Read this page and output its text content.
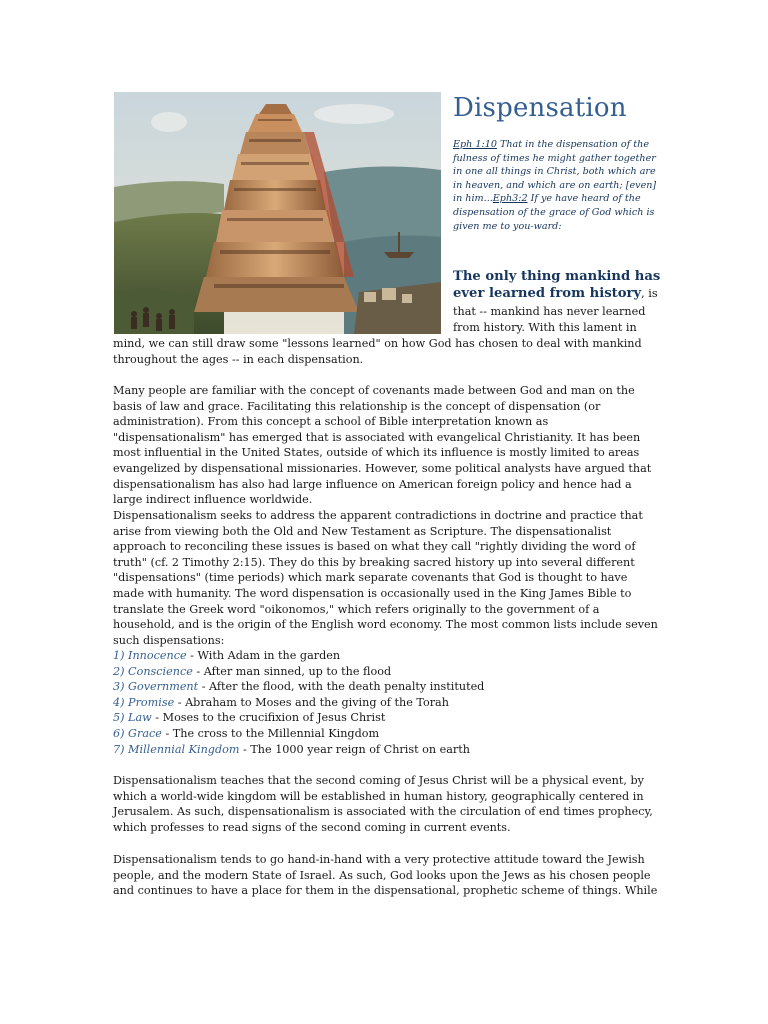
Dispensation
Eph 1:10 That in the dispensation of the fulness of times he might gather together in one all things in Christ, both which are in heaven, and which are on earth; [even] in him...Eph3:2 If ye have heard of the dispensation of the grace of God which is given me to you-ward:
The only thing mankind has ever learned from history, is
that -- mankind has never learned
from history. With this lament in

mind, we can still draw some "lessons learned" on how God has chosen to deal with mankind throughout the ages -- in each dispensation.

Many people are familiar with the concept of covenants made between God and man on the basis of law and grace. Facilitating this relationship is the concept of dispensation (or administration). From this concept a school of Bible interpretation known as "dispensationalism" has emerged that is associated with evangelical Christianity. It has been most influential in the United States, outside of which its influence is mostly limited to areas evangelized by dispensational missionaries. However, some political analysts have argued that dispensationalism has also had large influence on American foreign policy and hence had a large indirect influence worldwide.

Dispensationalism seeks to address the apparent contradictions in doctrine and practice that arise from viewing both the Old and New Testament as Scripture. The dispensationalist approach to reconciling these issues is based on what they call "rightly dividing the word of truth" (cf. 2 Timothy 2:15). They do this by breaking sacred history up into several different "dispensations" (time periods) which mark separate covenants that God is thought to have made with humanity. The word dispensation is occasionally used in the King James Bible to translate the Greek word "oikonomos," which refers originally to the government of a household, and is the origin of the English word economy. The most common lists include seven such dispensations:

1) Innocence - With Adam in the garden
2) Conscience - After man sinned, up to the flood
3) Government - After the flood, with the death penalty instituted
4) Promise - Abraham to Moses and the giving of the Torah
5) Law - Moses to the crucifixion of Jesus Christ
6) Grace - The cross to the Millennial Kingdom
7) Millennial Kingdom - The 1000 year reign of Christ on earth

Dispensationalism teaches that the second coming of Jesus Christ will be a physical event, by which a world-wide kingdom will be established in human history, geographically centered in Jerusalem. As such, dispensationalism is associated with the circulation of end times prophecy, which professes to read signs of the second coming in current events.

Dispensationalism tends to go hand-in-hand with a very protective attitude toward the Jewish people, and the modern State of Israel. As such, God looks upon the Jews as his chosen people and continues to have a place for them in the dispensational, prophetic scheme of things. While
